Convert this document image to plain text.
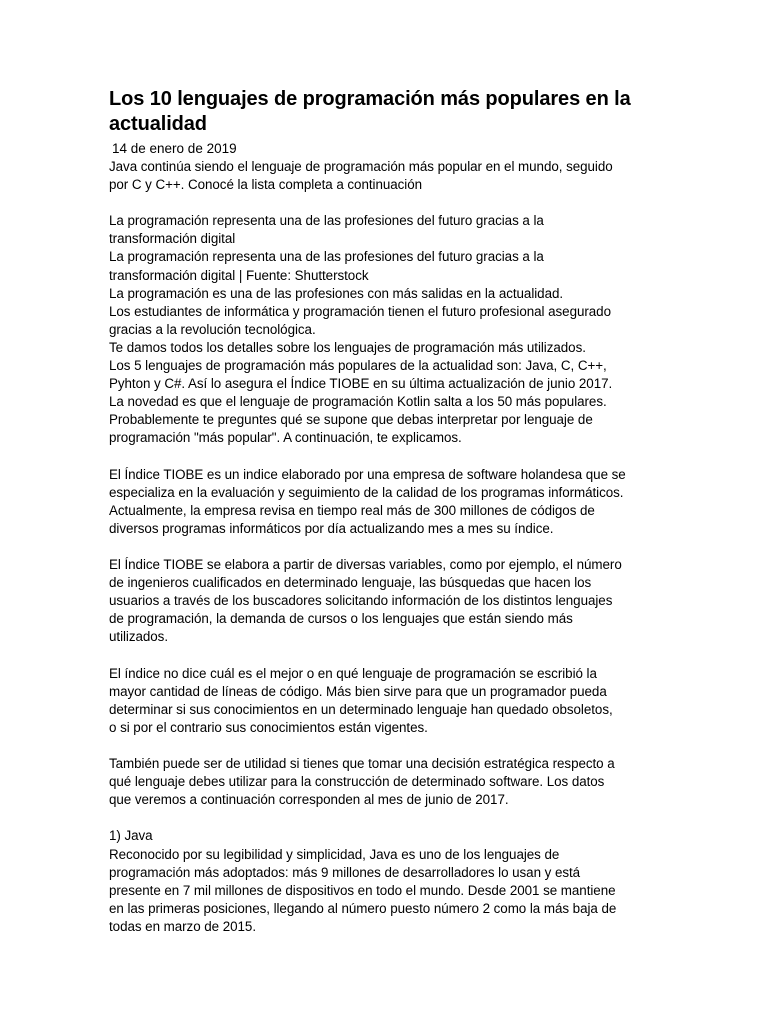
Los 10 lenguajes de programación más populares en la
actualidad
14 de enero de 2019
Java continúa siendo el lenguaje de programación más popular en el mundo, seguido
por C y C++. Conocé la lista completa a continuación
La programación representa una de las profesiones del futuro gracias a la
transformación digital
La programación representa una de las profesiones del futuro gracias a la
transformación digital | Fuente: Shutterstock
La programación es una de las profesiones con más salidas en la actualidad.
Los estudiantes de informática y programación tienen el futuro profesional asegurado
gracias a la revolución tecnológica.
Te damos todos los detalles sobre los lenguajes de programación más utilizados.
Los 5 lenguajes de programación más populares de la actualidad son: Java, C, C++,
Pyhton y C#. Así lo asegura el Índice TIOBE en su última actualización de junio 2017.
La novedad es que el lenguaje de programación Kotlin salta a los 50 más populares.
Probablemente te preguntes qué se supone que debas interpretar por lenguaje de
programación "más popular". A continuación, te explicamos.
El Índice TIOBE es un indice elaborado por una empresa de software holandesa que se
especializa en la evaluación y seguimiento de la calidad de los programas informáticos.
Actualmente, la empresa revisa en tiempo real más de 300 millones de códigos de
diversos programas informáticos por día actualizando mes a mes su índice.
El Índice TIOBE se elabora a partir de diversas variables, como por ejemplo, el número
de ingenieros cualificados en determinado lenguaje, las búsquedas que hacen los
usuarios a través de los buscadores solicitando información de los distintos lenguajes
de programación, la demanda de cursos o los lenguajes que están siendo más
utilizados.
El índice no dice cuál es el mejor o en qué lenguaje de programación se escribió la
mayor cantidad de líneas de código. Más bien sirve para que un programador pueda
determinar si sus conocimientos en un determinado lenguaje han quedado obsoletos,
o si por el contrario sus conocimientos están vigentes.
También puede ser de utilidad si tienes que tomar una decisión estratégica respecto a
qué lenguaje debes utilizar para la construcción de determinado software. Los datos
que veremos a continuación corresponden al mes de junio de 2017.
1) Java
Reconocido por su legibilidad y simplicidad, Java es uno de los lenguajes de
programación más adoptados: más 9 millones de desarrolladores lo usan y está
presente en 7 mil millones de dispositivos en todo el mundo. Desde 2001 se mantiene
en las primeras posiciones, llegando al número puesto número 2 como la más baja de
todas en marzo de 2015.
